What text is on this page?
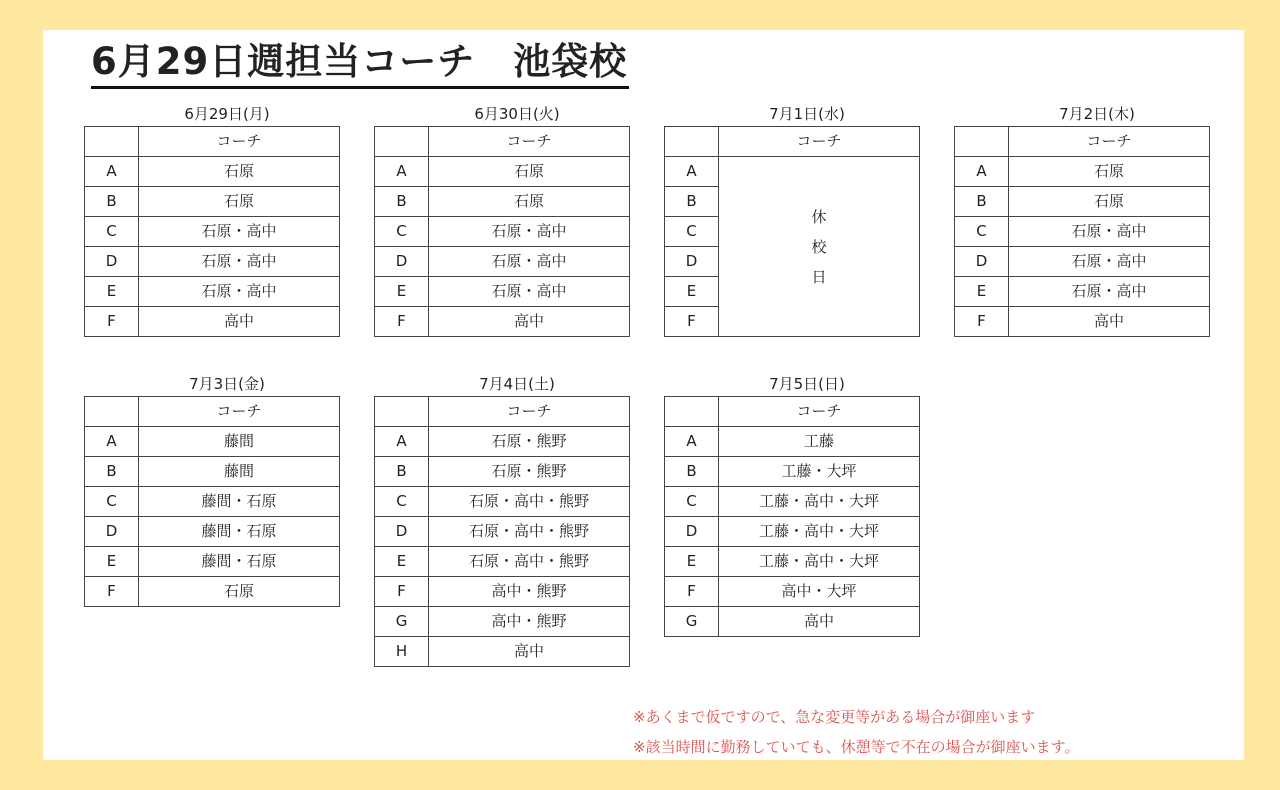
6月29日週担当コーチ　池袋校
6月29日(月)
	コーチ
A	石原
B	石原
C	石原・高中
D	石原・高中
E	石原・高中
F	高中
6月30日(火)
	コーチ
A	石原
B	石原
C	石原・高中
D	石原・高中
E	石原・高中
F	高中
7月1日(水)
	コーチ
A	休校日
B	
C	
D	
E	
F	
7月2日(木)
	コーチ
A	石原
B	石原
C	石原・高中
D	石原・高中
E	石原・高中
F	高中
7月3日(金)
	コーチ
A	藤間
B	藤間
C	藤間・石原
D	藤間・石原
E	藤間・石原
F	石原
7月4日(土)
	コーチ
A	石原・熊野
B	石原・熊野
C	石原・高中・熊野
D	石原・高中・熊野
E	石原・高中・熊野
F	高中・熊野
G	高中・熊野
H	高中
7月5日(日)
	コーチ
A	工藤
B	工藤・大坪
C	工藤・高中・大坪
D	工藤・高中・大坪
E	工藤・高中・大坪
F	高中・大坪
G	高中
※あくまで仮ですので、急な変更等がある場合が御座います
※該当時間に勤務していても、休憩等で不在の場合が御座います。
